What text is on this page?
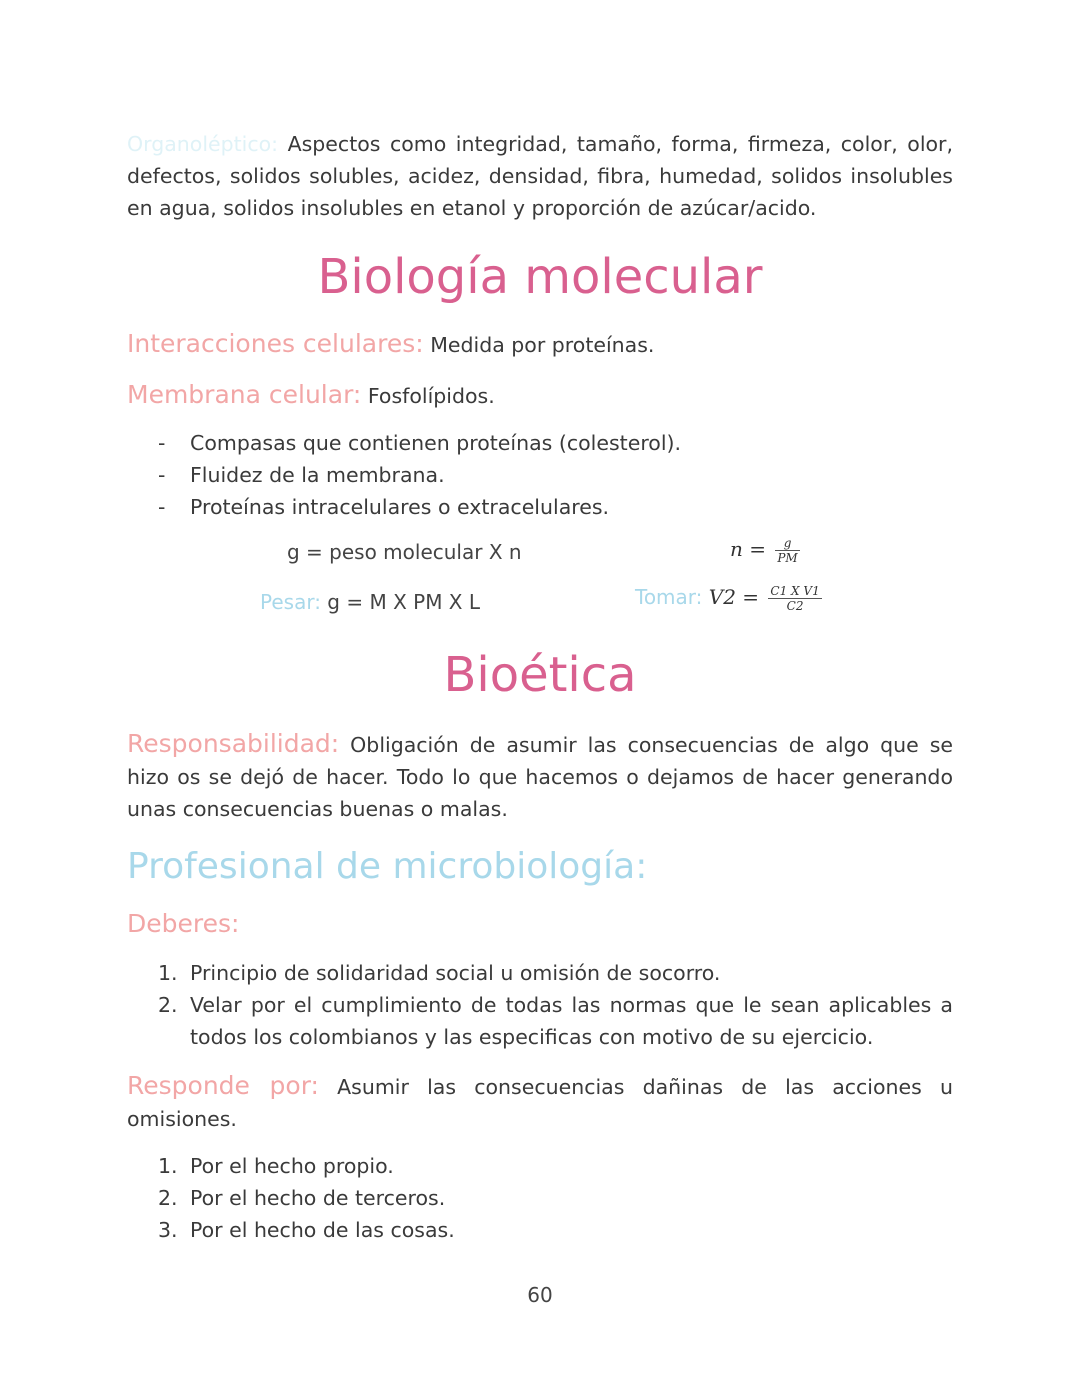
Organoléptico: Aspectos como integridad, tamaño, forma, firmeza, color, olor, defectos, solidos solubles, acidez, densidad, fibra, humedad, solidos insolubles en agua, solidos insolubles en etanol y proporción de azúcar/acido.

Biología molecular

Interacciones celulares: Medida por proteínas.

Membrana celular: Fosfolípidos.

- Compasas que contienen proteínas (colesterol).
- Fluidez de la membrana.
- Proteínas intracelulares o extracelulares.
g = peso molecular X n	$n = \frac{g}{PM}$
Pesar: g = M X PM X L	Tomar: $V2 = \frac{\text{C1 X V1}}{C2}$
Bioética

Responsabilidad: Obligación de asumir las consecuencias de algo que se hizo os se dejó de hacer. Todo lo que hacemos o dejamos de hacer generando unas consecuencias buenas o malas.

Profesional de microbiología:
Deberes:
1. Principio de solidaridad social u omisión de socorro.
2. Velar por el cumplimiento de todas las normas que le sean aplicables a todos los colombianos y las especificas con motivo de su ejercicio.

Responde por: Asumir las consecuencias dañinas de las acciones u omisiones.

1. Por el hecho propio.
2. Por el hecho de terceros.
3. Por el hecho de las cosas.
60
